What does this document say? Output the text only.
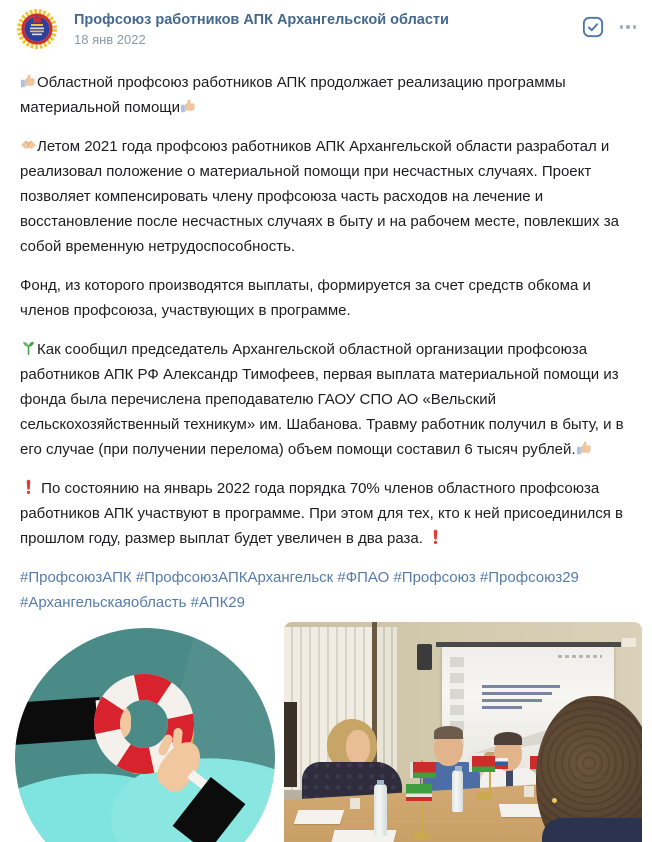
Профсоюз работников АПК Архангельской области
18 янв 2022

Областной профсоюз работников АПК продолжает реализацию программы материальной помощи

Летом 2021 года профсоюз работников АПК Архангельской области разработал и реализовал положение о материальной помощи при несчастных случаях. Проект позволяет компенсировать члену профсоюза часть расходов на лечение и восстановление после несчастных случаях в быту и на рабочем месте, повлекших за собой временную нетрудоспособность.

Фонд, из которого производятся выплаты, формируется за счет средств обкома и членов профсоюза, участвующих в программе.

Как сообщил председатель Архангельской областной организации профсоюза работников АПК РФ Александр Тимофеев, первая выплата материальной помощи из фонда была перечислена преподавателю ГАОУ СПО АО «Вельский сельскохозяйственный техникум» им. Шабанова. Травму работник получил в быту, и в его случае (при получении перелома) объем помощи составил 6 тысяч рублей.

По состоянию на январь 2022 года порядка 70% членов областного профсоюза работников АПК участвуют в программе. При этом для тех, кто к ней присоединился в прошлом году, размер выплат будет увеличен в два раза.

#ПрофсоюзАПК #ПрофсоюзАПКАрхангельск #ФПАО #Профсоюз #Профсоюз29 #Архангельскаяобласть #АПК29
